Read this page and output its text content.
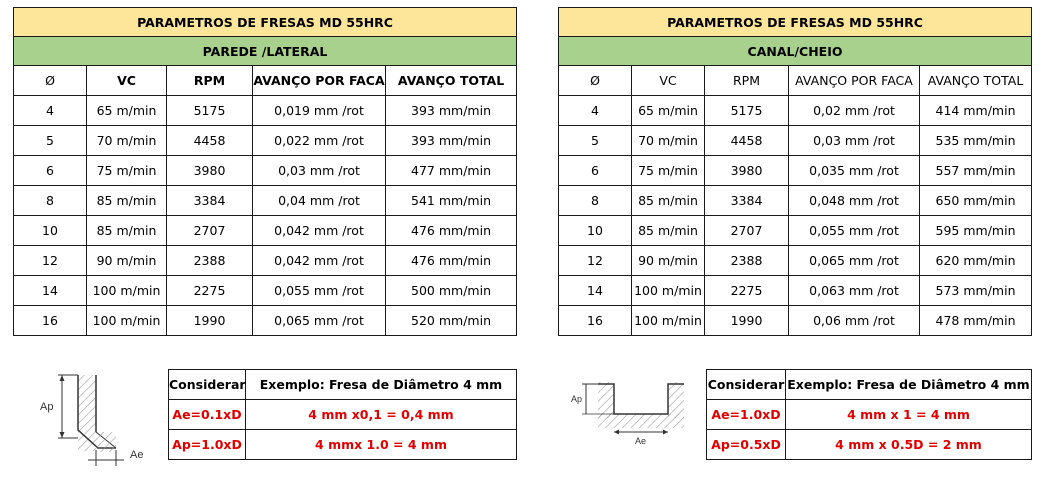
PARAMETROS DE FRESAS MD 55HRC				
PAREDE /LATERAL				
Ø	VC	RPM	AVANÇO POR FACA	AVANÇO TOTAL
4	65 m/min	5175	0,019 mm /rot	393 mm/min
5	70 m/min	4458	0,022 mm /rot	393 mm/min
6	75 m/min	3980	0,03 mm /rot	477 mm/min
8	85 m/min	3384	0,04 mm /rot	541 mm/min
10	85 m/min	2707	0,042 mm /rot	476 mm/min
12	90 m/min	2388	0,042 mm /rot	476 mm/min
14	100 m/min	2275	0,055 mm /rot	500 mm/min
16	100 m/min	1990	0,065 mm /rot	520 mm/min
PARAMETROS DE FRESAS MD 55HRC				
CANAL/CHEIO				
Ø	VC	RPM	AVANÇO POR FACA	AVANÇO TOTAL
4	65 m/min	5175	0,02 mm /rot	414 mm/min
5	70 m/min	4458	0,03 mm /rot	535 mm/min
6	75 m/min	3980	0,035 mm /rot	557 mm/min
8	85 m/min	3384	0,048 mm /rot	650 mm/min
10	85 m/min	2707	0,055 mm /rot	595 mm/min
12	90 m/min	2388	0,065 mm /rot	620 mm/min
14	100 m/min	2275	0,063 mm /rot	573 mm/min
16	100 m/min	1990	0,06 mm /rot	478 mm/min
Ap
Ae
Considerar	Exemplo: Fresa de Diâmetro 4 mm
Ae=0.1xD	4 mm x0,1 = 0,4 mm
Ap=1.0xD	4 mmx 1.0 = 4 mm
Ap
Ae
Considerar	Exemplo: Fresa de Diâmetro 4 mm
Ae=1.0xD	4 mm x 1 = 4 mm
Ap=0.5xD	4 mm x 0.5D = 2 mm
